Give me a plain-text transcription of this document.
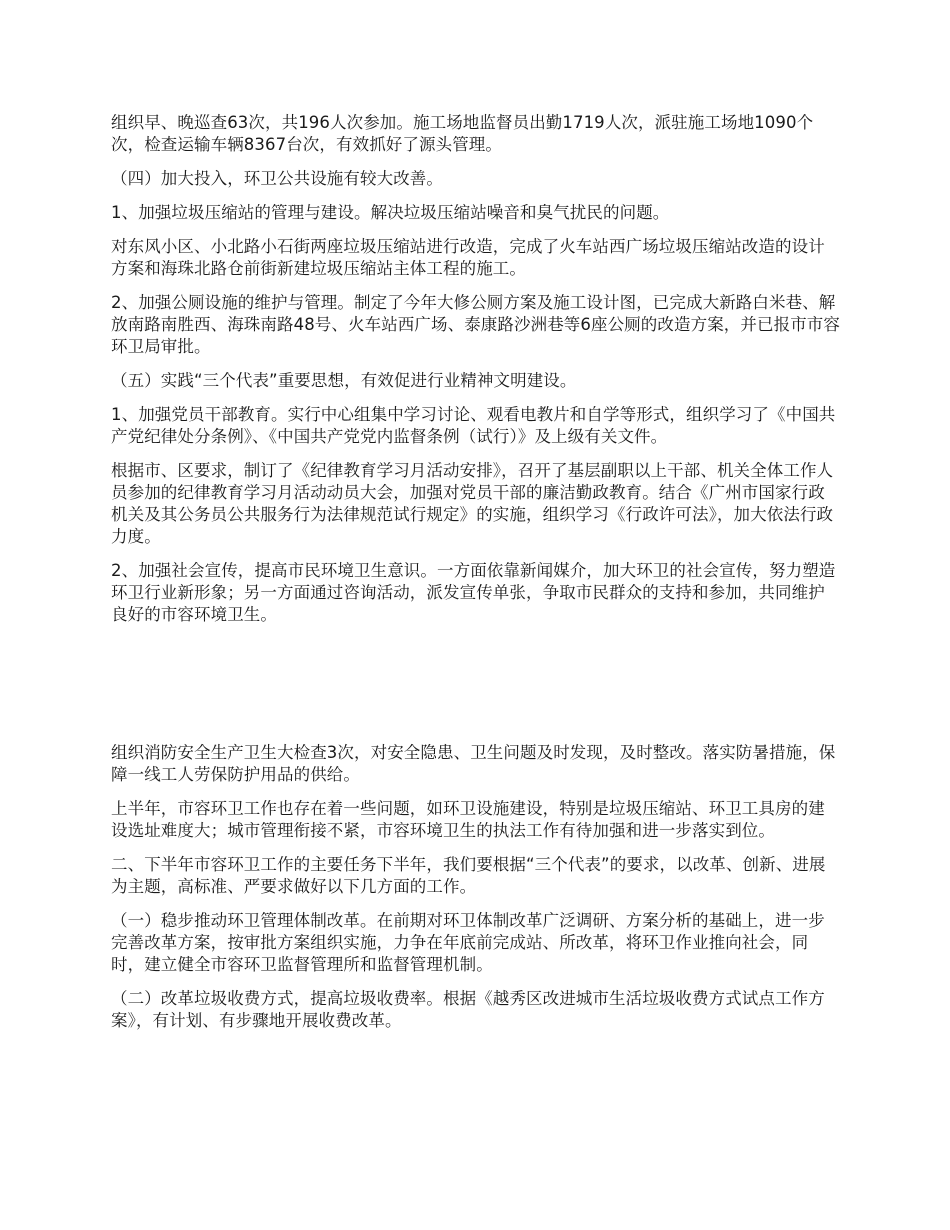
组织早、晚巡查63次，共196人次参加。施工场地监督员出勤1719人次，派驻施工场地1090个次，检查运输车辆8367台次，有效抓好了源头管理。

（四）加大投入，环卫公共设施有较大改善。

1、加强垃圾压缩站的管理与建设。解决垃圾压缩站噪音和臭气扰民的问题。

对东风小区、小北路小石街两座垃圾压缩站进行改造，完成了火车站西广场垃圾压缩站改造的设计方案和海珠北路仓前街新建垃圾压缩站主体工程的施工。

2、加强公厕设施的维护与管理。制定了今年大修公厕方案及施工设计图，已完成大新路白米巷、解放南路南胜西、海珠南路48号、火车站西广场、泰康路沙洲巷等6座公厕的改造方案，并已报市市容环卫局审批。

（五）实践“三个代表”重要思想，有效促进行业精神文明建设。

1、加强党员干部教育。实行中心组集中学习讨论、观看电教片和自学等形式，组织学习了《中国共产党纪律处分条例》、《中国共产党党内监督条例（试行）》及上级有关文件。

根据市、区要求，制订了《纪律教育学习月活动安排》，召开了基层副职以上干部、机关全体工作人员参加的纪律教育学习月活动动员大会，加强对党员干部的廉洁勤政教育。结合《广州市国家行政机关及其公务员公共服务行为法律规范试行规定》的实施，组织学习《行政许可法》，加大依法行政力度。

2、加强社会宣传，提高市民环境卫生意识。一方面依靠新闻媒介，加大环卫的社会宣传，努力塑造环卫行业新形象；另一方面通过咨询活动，派发宣传单张，争取市民群众的支持和参加，共同维护良好的市容环境卫生。

组织消防安全生产卫生大检查3次，对安全隐患、卫生问题及时发现，及时整改。落实防暑措施，保障一线工人劳保防护用品的供给。

上半年，市容环卫工作也存在着一些问题，如环卫设施建设，特别是垃圾压缩站、环卫工具房的建设选址难度大；城市管理衔接不紧，市容环境卫生的执法工作有待加强和进一步落实到位。

二、下半年市容环卫工作的主要任务下半年，我们要根据“三个代表”的要求，以改革、创新、进展为主题，高标准、严要求做好以下几方面的工作。

（一）稳步推动环卫管理体制改革。在前期对环卫体制改革广泛调研、方案分析的基础上，进一步完善改革方案，按审批方案组织实施，力争在年底前完成站、所改革，将环卫作业推向社会，同时，建立健全市容环卫监督管理所和监督管理机制。

（二）改革垃圾收费方式，提高垃圾收费率。根据《越秀区改进城市生活垃圾收费方式试点工作方案》，有计划、有步骤地开展收费改革。
